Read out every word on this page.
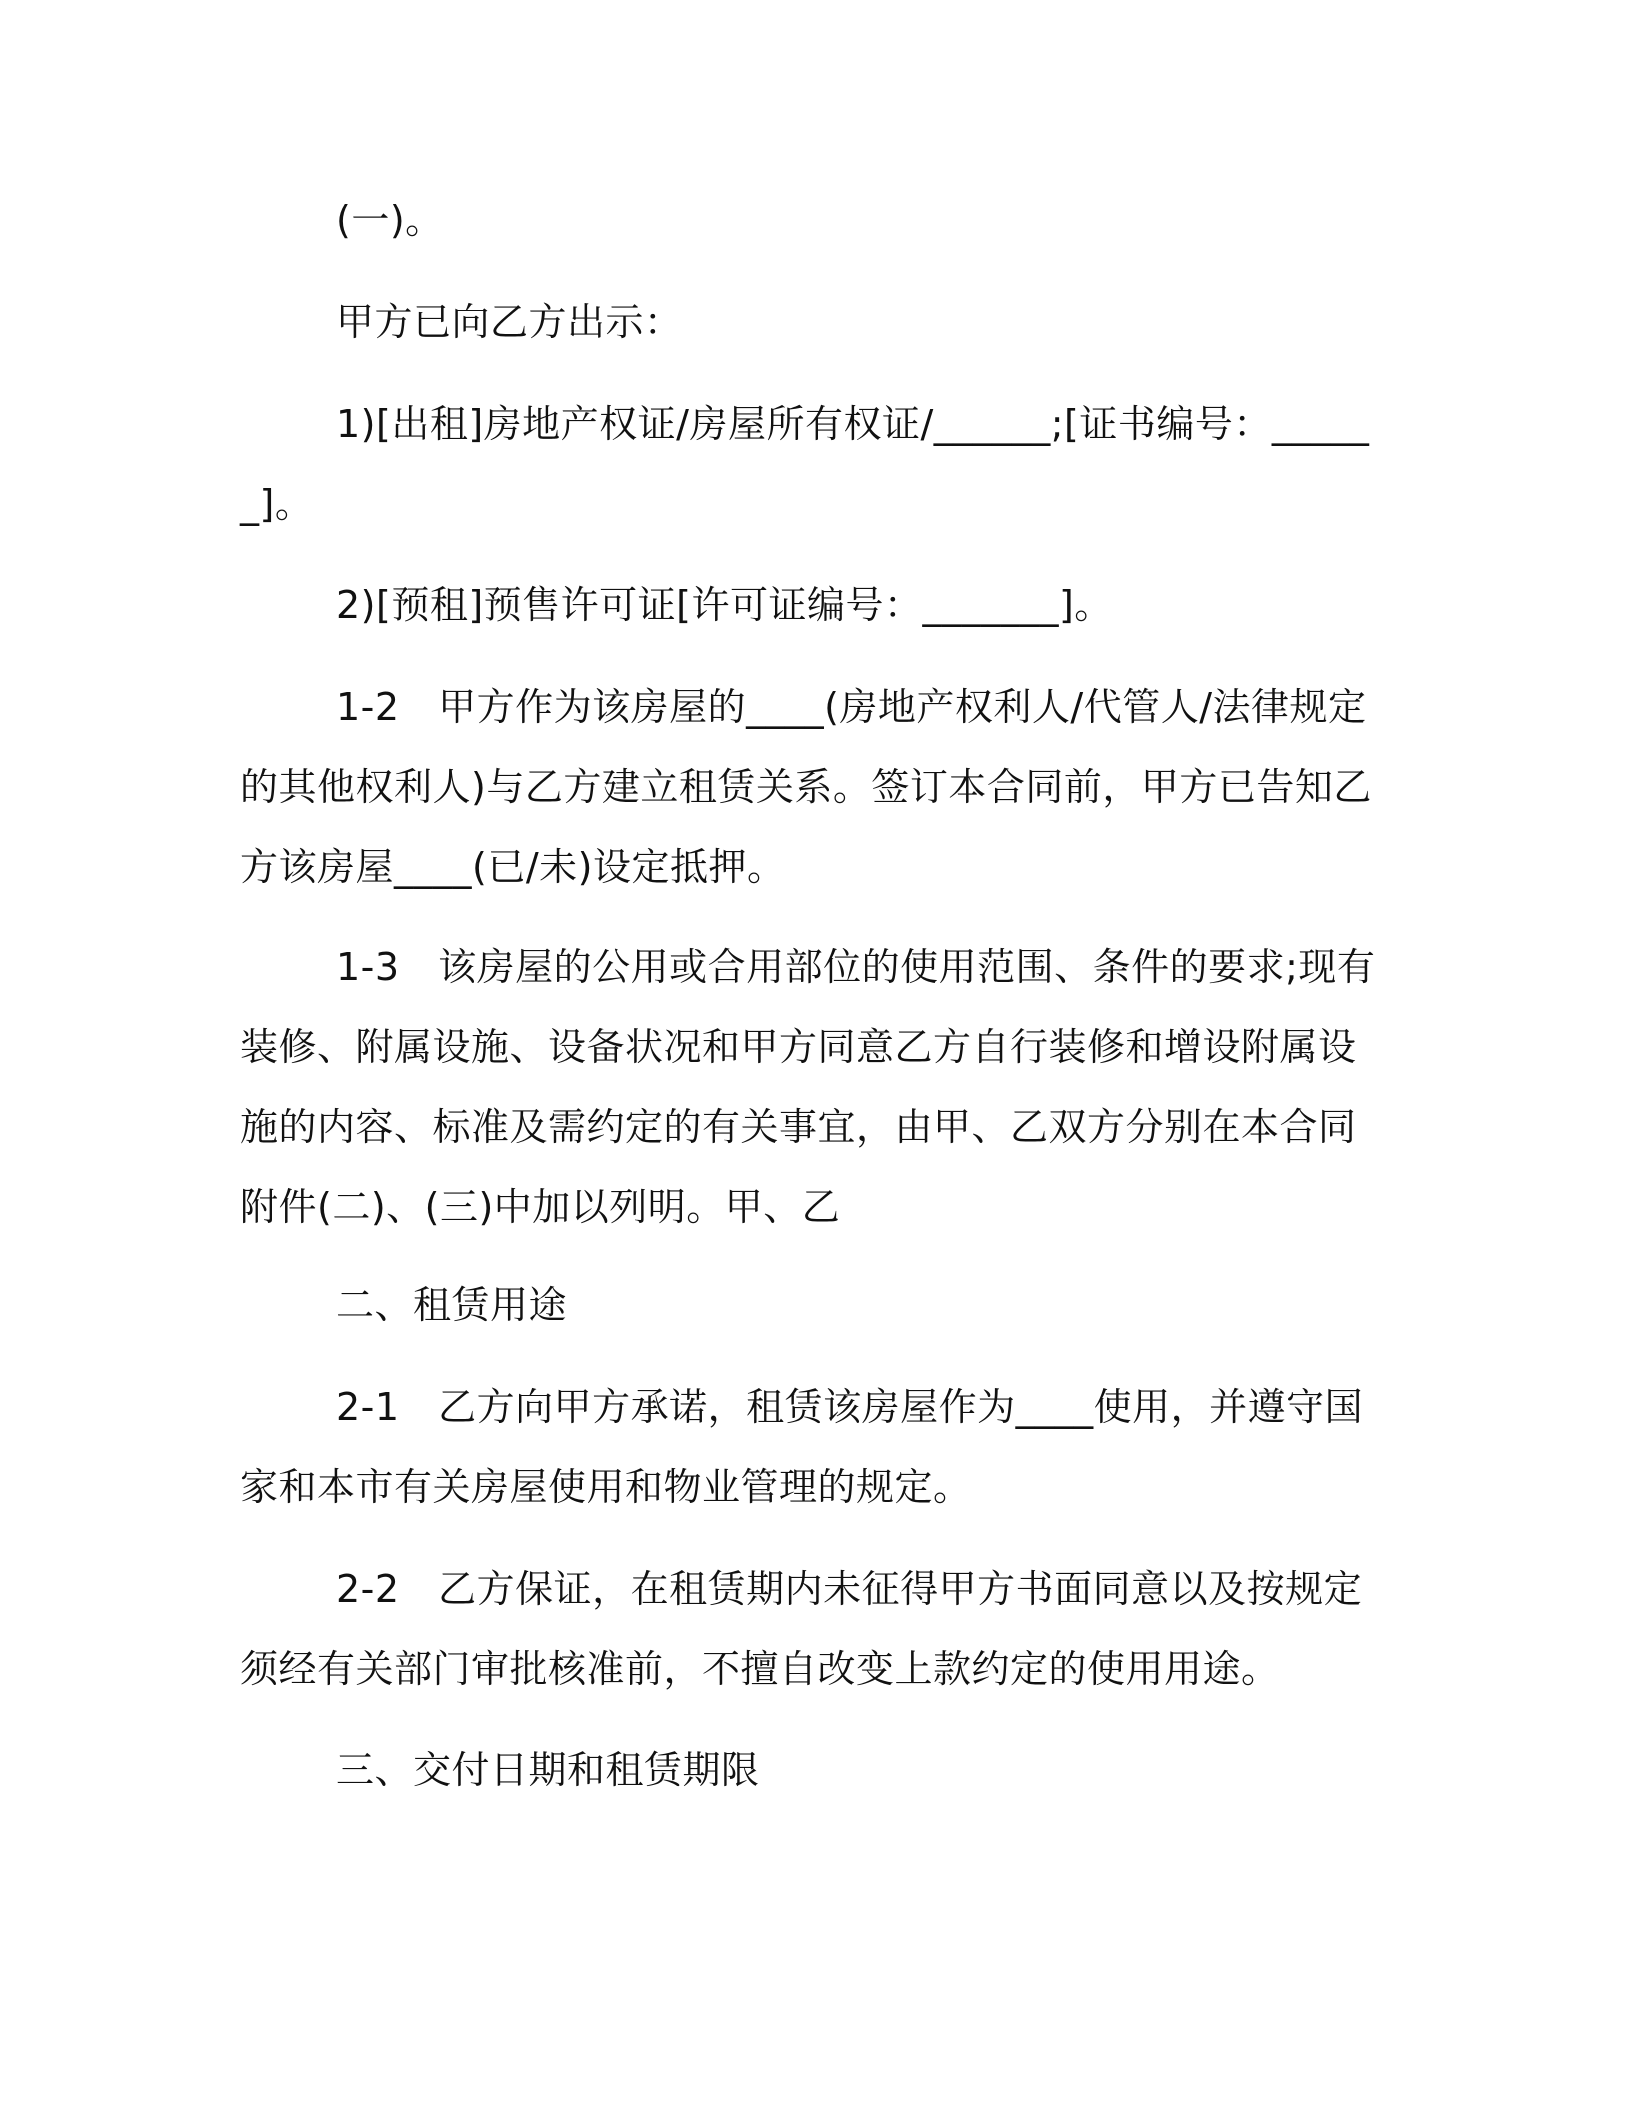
(一)。

甲方已向乙方出示：

1)[出租]房地产权证/房屋所有权证/______;[证书编号：______]。

2)[预租]预售许可证[许可证编号：_______]。

1-2　甲方作为该房屋的____(房地产权利人/代管人/法律规定的其他权利人)与乙方建立租赁关系。签订本合同前，甲方已告知乙方该房屋____(已/未)设定抵押。

1-3　该房屋的公用或合用部位的使用范围、条件的要求;现有装修、附属设施、设备状况和甲方同意乙方自行装修和增设附属设施的内容、标准及需约定的有关事宜，由甲、乙双方分别在本合同附件(二)、(三)中加以列明。甲、乙

二、租赁用途

2-1　乙方向甲方承诺，租赁该房屋作为____使用，并遵守国家和本市有关房屋使用和物业管理的规定。

2-2　乙方保证，在租赁期内未征得甲方书面同意以及按规定须经有关部门审批核准前，不擅自改变上款约定的使用用途。

三、交付日期和租赁期限
